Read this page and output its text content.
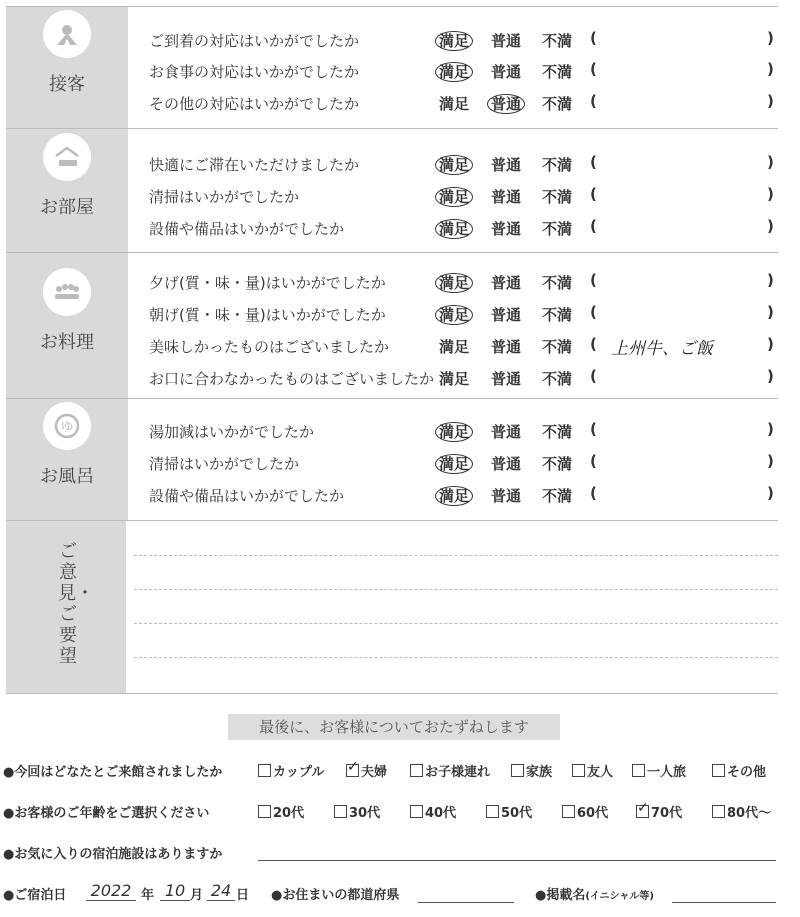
接客
ご到着の対応はいかがでしたか	満足 普通 不満 (	)
お食事の対応はいかがでしたか	満足 普通 不満 (	)
その他の対応はいかがでしたか	満足 普通 不満 (	)
お部屋
快適にご滞在いただけましたか	満足 普通 不満 (	)
清掃はいかがでしたか	満足 普通 不満 (	)
設備や備品はいかがでしたか	満足 普通 不満 (	)
お料理
夕げ(質・味・量)はいかがでしたか	満足 普通 不満 (	)
朝げ(質・味・量)はいかがでしたか	満足 普通 不満 (	)
美味しかったものはございましたか	満足 普通 不満 ( 上州牛、ご飯	)
お口に合わなかったものはございましたか 満足 普通 不満 (	)
ゆ
お風呂
湯加減はいかがでしたか	満足 普通 不満 (	)
清掃はいかがでしたか	満足 普通 不満 (	)
設備や備品はいかがでしたか	満足 普通 不満 (	)
ご意見・ご要望
最後に、お客様についておたずねします
●今回はどなたとご来館されましたか	カップル ✓	夫婦	お子様連れ	家族	友人	一人旅	その他
●お客様のご年齢をご選択ください	20代	30代	40代	50代	60代 ✓	70代	80代〜
●お気に入りの宿泊施設はありますか
●ご宿泊日 2022 年 10 月 24 日 ●お住まいの都道府県	●掲載名(イニシャル等)
